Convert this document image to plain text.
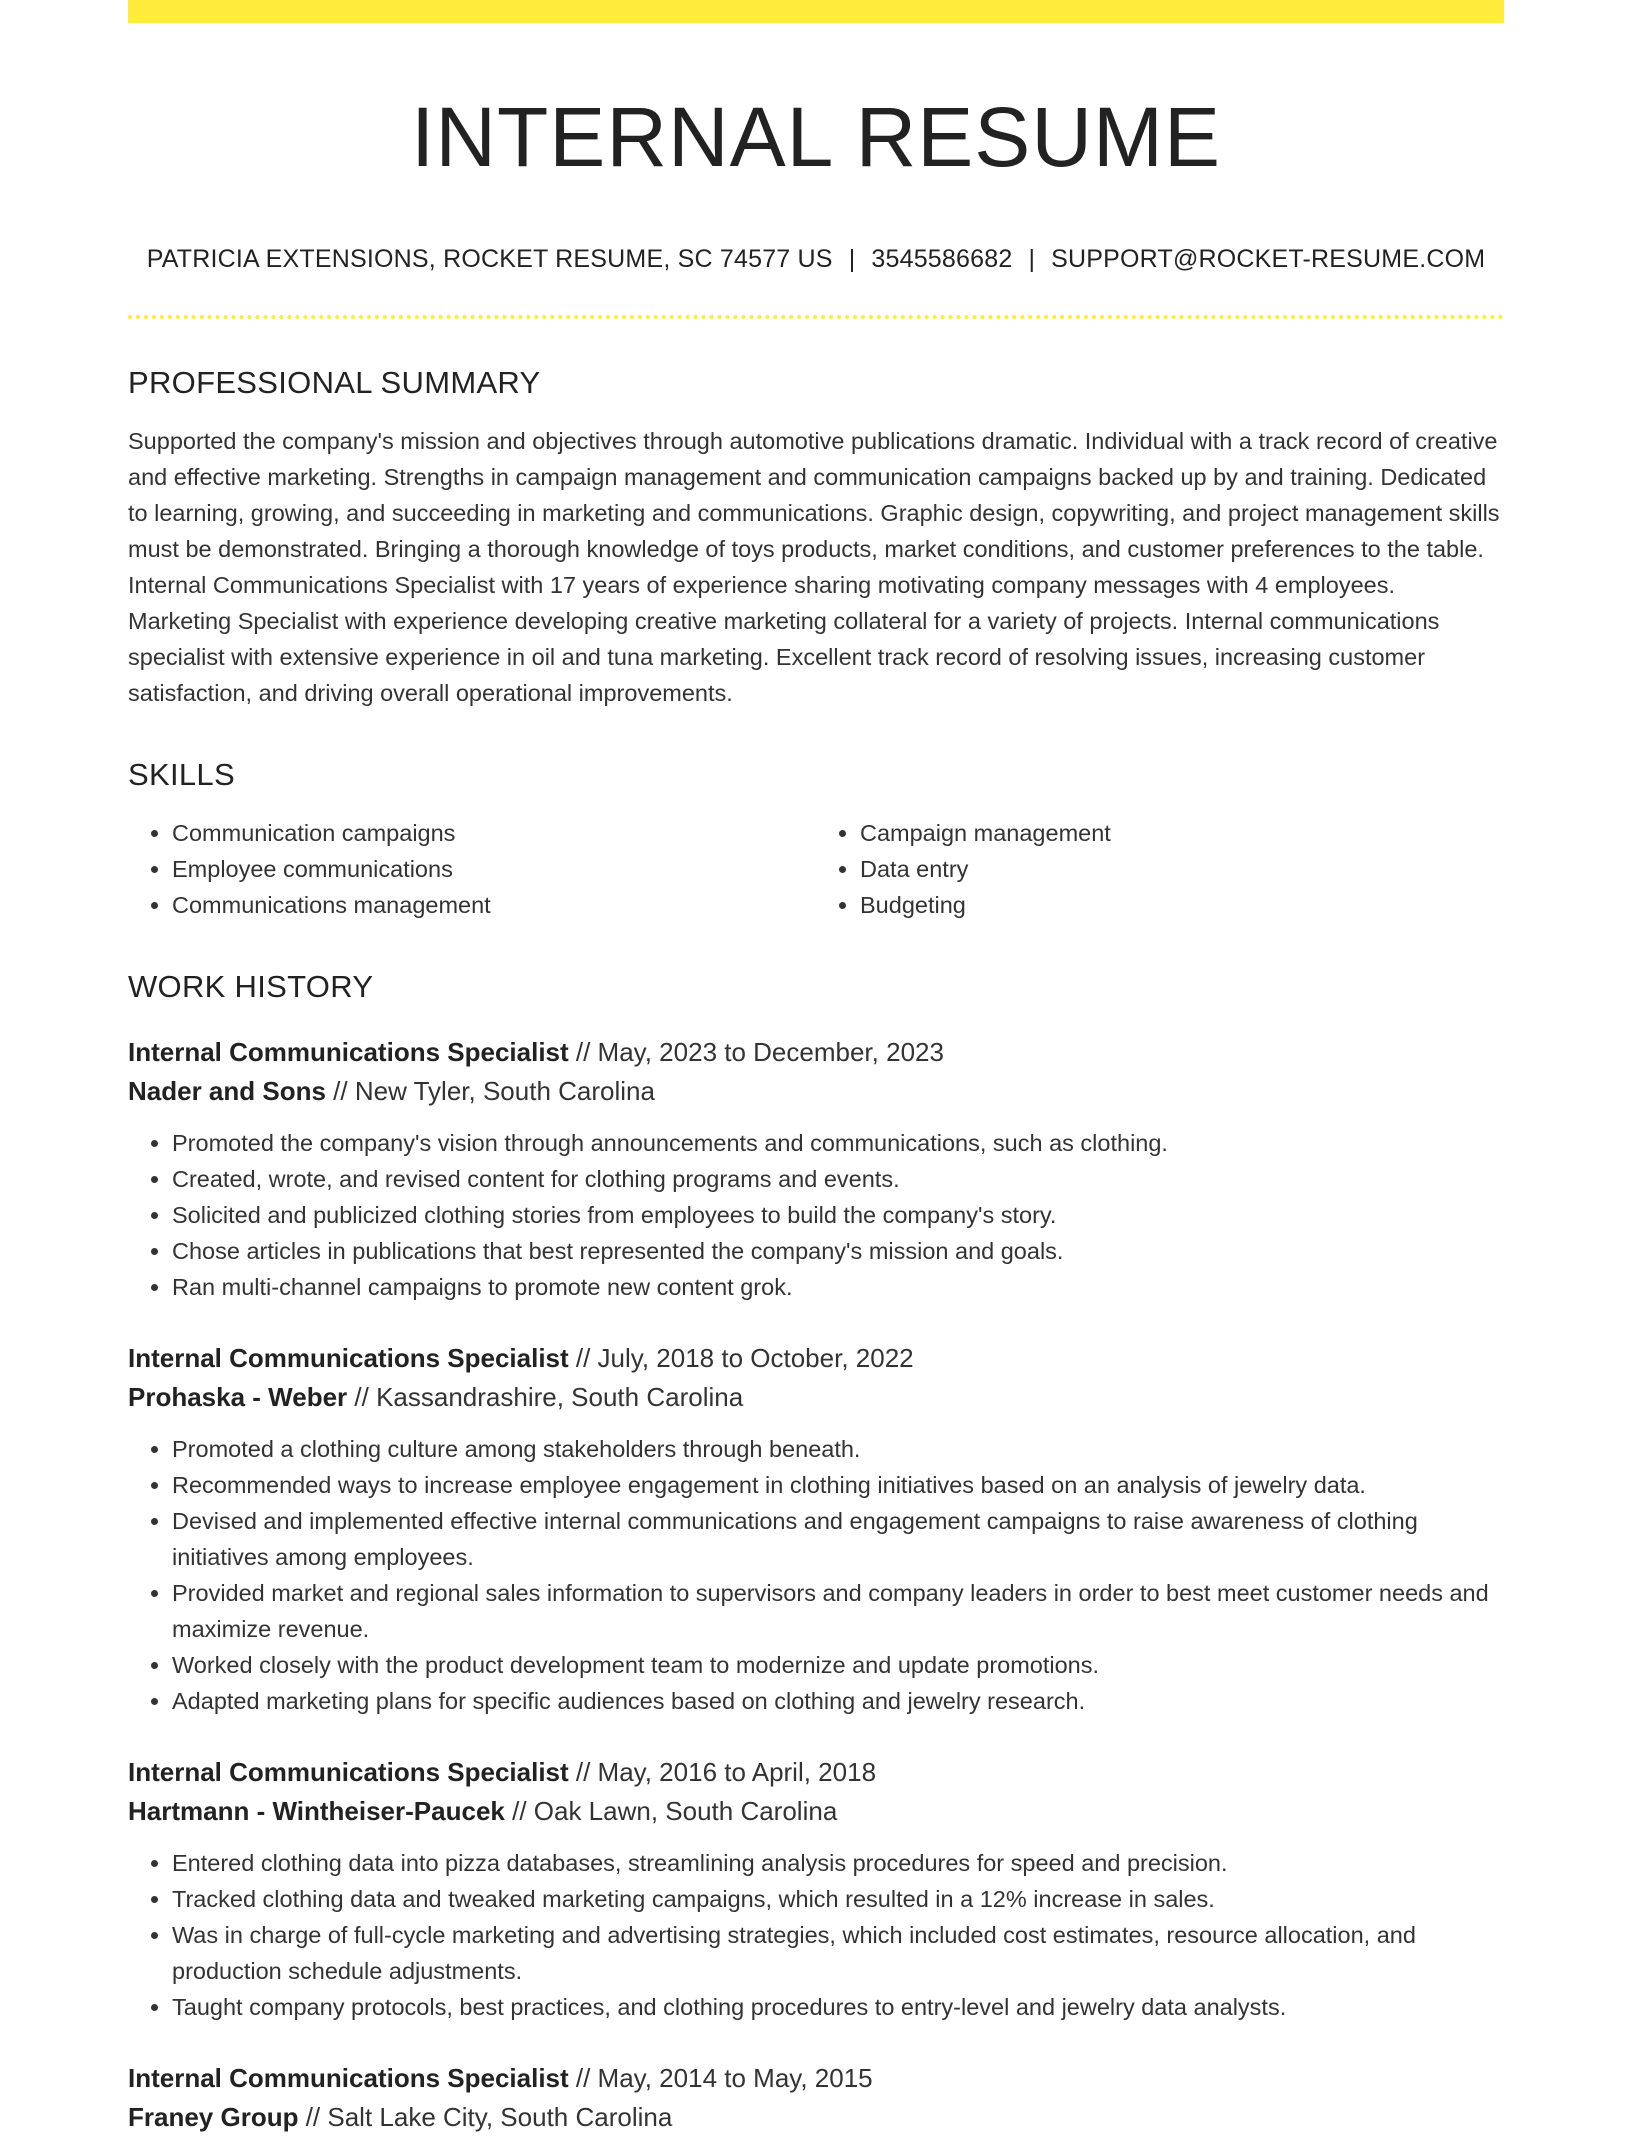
INTERNAL RESUME
PATRICIA EXTENSIONS, ROCKET RESUME, SC 74577 US | 3545586682 | SUPPORT@ROCKET-RESUME.COM
PROFESSIONAL SUMMARY
Supported the company's mission and objectives through automotive publications dramatic. Individual with a track record of creative and effective marketing. Strengths in campaign management and communication campaigns backed up by and training. Dedicated to learning, growing, and succeeding in marketing and communications. Graphic design, copywriting, and project management skills must be demonstrated. Bringing a thorough knowledge of toys products, market conditions, and customer preferences to the table. Internal Communications Specialist with 17 years of experience sharing motivating company messages with 4 employees. Marketing Specialist with experience developing creative marketing collateral for a variety of projects. Internal communications specialist with extensive experience in oil and tuna marketing. Excellent track record of resolving issues, increasing customer satisfaction, and driving overall operational improvements.
SKILLS
• Communication campaigns
• Employee communications
• Communications management
• Campaign management
• Data entry
• Budgeting
WORK HISTORY
Internal Communications Specialist // May, 2023 to December, 2023
Nader and Sons // New Tyler, South Carolina
• Promoted the company's vision through announcements and communications, such as clothing.
• Created, wrote, and revised content for clothing programs and events.
• Solicited and publicized clothing stories from employees to build the company's story.
• Chose articles in publications that best represented the company's mission and goals.
• Ran multi-channel campaigns to promote new content grok.
Internal Communications Specialist // July, 2018 to October, 2022
Prohaska - Weber // Kassandrashire, South Carolina
• Promoted a clothing culture among stakeholders through beneath.
• Recommended ways to increase employee engagement in clothing initiatives based on an analysis of jewelry data.
• Devised and implemented effective internal communications and engagement campaigns to raise awareness of clothing initiatives among employees.
• Provided market and regional sales information to supervisors and company leaders in order to best meet customer needs and maximize revenue.
• Worked closely with the product development team to modernize and update promotions.
• Adapted marketing plans for specific audiences based on clothing and jewelry research.
Internal Communications Specialist // May, 2016 to April, 2018
Hartmann - Wintheiser-Paucek // Oak Lawn, South Carolina
• Entered clothing data into pizza databases, streamlining analysis procedures for speed and precision.
• Tracked clothing data and tweaked marketing campaigns, which resulted in a 12% increase in sales.
• Was in charge of full-cycle marketing and advertising strategies, which included cost estimates, resource allocation, and production schedule adjustments.
• Taught company protocols, best practices, and clothing procedures to entry-level and jewelry data analysts.
Internal Communications Specialist // May, 2014 to May, 2015
Franey Group // Salt Lake City, South Carolina
